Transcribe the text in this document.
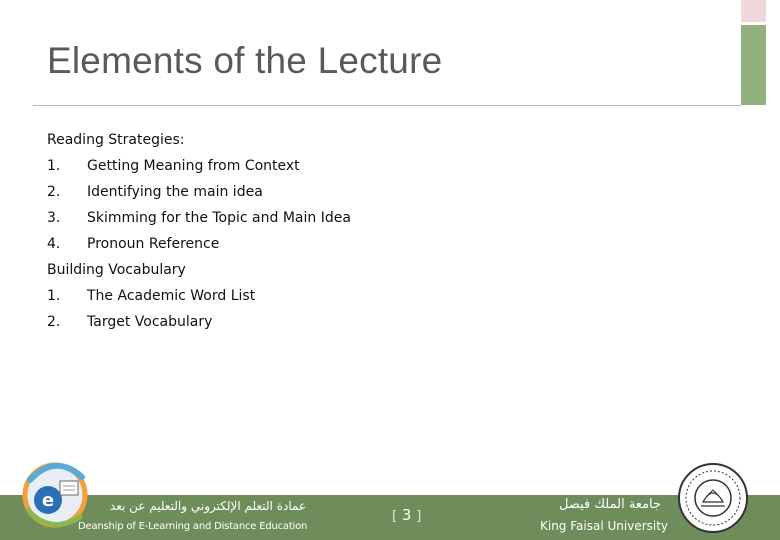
Elements of the Lecture
Reading Strategies:
1. Getting Meaning from Context
2. Identifying the main idea
3. Skimming for the Topic and Main Idea
4. Pronoun Reference
Building Vocabulary
1. The Academic Word List
2. Target Vocabulary
e	عمادة التعلم الإلكتروني والتعليم عن بعد
Deanship of E-Learning and Distance Education
[ 3 ]
جامعة الملك فيصل
King Faisal University
